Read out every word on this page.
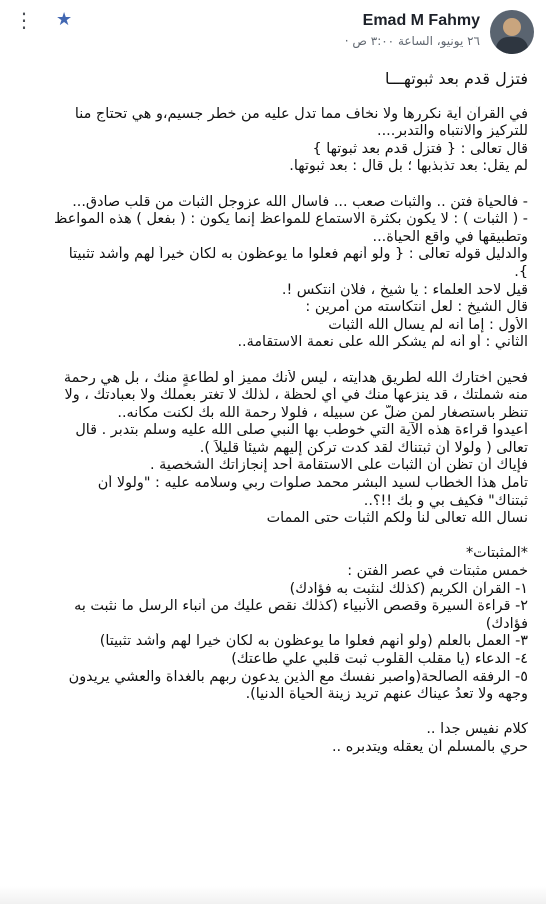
Emad M Fahmy
٢٦ يونيو، الساعة ٣:٠٠ ص ·
⋮ ★
فتزل قدم بعد ثبوتهـــا
في القرآن آية نكررها ولا نخاف مما تدل عليه من خطر جسيم،و هي تحتاج منا
للتركيز والانتباه والتدبر....
قال تعالى : { فتزل قدم بعد ثبوتها }
لم يقل: بعد تذبذبها ؛ بل قال : بعد ثبوتها.
- فالحياة فتن .. والثبات صعب ... فاسأل الله عزوجل الثبات من قلب صادق...
- ( الثبات ) : لا يكون بكثرة الاستماع للمواعظ إنما يكون : ( بفعل ) هذه المواعظ
وتطبيقها في واقع الحياة...
والدليل قوله تعالى : { ولو أنهم فعلوا ما يوعظون به لكان خيراً لهم وأشد تثبيتا
}.
قيل لاحد العلماء : يا شيخ ، فلان انتكس !.
قال الشيخ : لعل انتكاسته من أمرين :
الأول : إما أنه لم يسأل الله الثبات
الثاني : أو أنه لم يشكر الله على نعمة الاستقامة..
فحين اختارك الله لطريق هدايته ، ليس لأنك مميز أو لطاعةٍ منك ، بل هي رحمة
منه شملتك ، قد ينزعها منك في أي لحظة ، لذلك لا تغتر بعملك ولا بعبادتك ، ولا
تنظر باستصغار لمن ضلَّ عن سبيله ، فلولا رحمة الله بك لكنت مكانه..
أعيدوا قراءة هذه الآية التي خوطب بها النبي صلى الله عليه وسلم بتدبر . قال
تعالى ( ولولا أن ثبتناك لقد كدت تركن إليهم شيئاً قليلاً ).
فإياك أن تظن أن الثبات على الاستقامة أحد إنجازاتك الشخصية .
تأمل هذا الخطاب لسيد البشر محمد صلوات ربي وسلامه عليه : "ولولا أن
ثبتناك" فكيف بي و بك !!؟..
نسأل الله تعالى لنا ولكم الثبات حتى الممات
*المثبتات*
خمس مثبتات في عصر الفتن :
١- القرآن الكريم (كذلك لنثبت به فؤادك)
٢- قراءة السيرة وقصص الأنبياء (كذلك نقص عليك من أنباء الرسل ما نثبت به
فؤادك)
٣- العمل بالعلم (ولو أنهم فعلوا ما يوعظون به لكان خيرا لهم وأشد تثبيتا)
٤- الدعاء (يا مقلب القلوب ثبت قلبي علي طاعتك)
٥- الرفقه الصالحة(واصبر نفسك مع الذين يدعون ربهم بالغداة والعشي يريدون
وجهه ولا تعدُ عيناك عنهم تريد زينة الحياة الدنيا).
كلام نفيس جدا ..
حري بالمسلم أن يعقله ويتدبره ..
